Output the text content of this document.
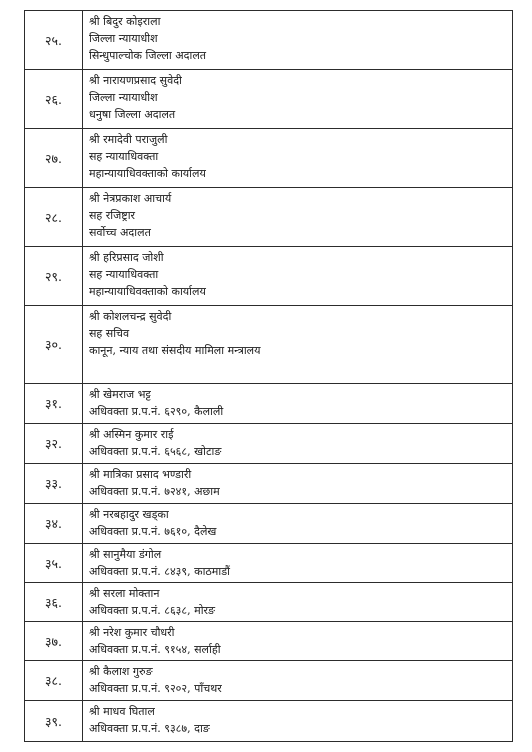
२५.
श्री बिदुर कोइराला
जिल्ला न्यायाधीश
सिन्धुपाल्चोक जिल्ला अदालत
२६.
श्री नारायणप्रसाद सुवेदी
जिल्ला न्यायाधीश
धनुषा जिल्ला अदालत
२७.
श्री रमादेवी पराजुली
सह न्यायाधिवक्ता
महान्यायाधिवक्ताको कार्यालय
२८.
श्री नेत्रप्रकाश आचार्य
सह रजिष्ट्रार
सर्वोच्च अदालत
२९.
श्री हरिप्रसाद जोशी
सह न्यायाधिवक्ता
महान्यायाधिवक्ताको कार्यालय
३०.
श्री कोशलचन्द्र सुवेदी
सह सचिव
कानून, न्याय तथा संसदीय मामिला मन्त्रालय
३१.
श्री खेमराज भट्ट
अधिवक्ता प्र.प.नं. ६२९०, कैलाली
३२.
श्री अस्मिन कुमार राई
अधिवक्ता प्र.प.नं. ६५६८, खोटाङ
३३.
श्री मात्रिका प्रसाद भण्डारी
अधिवक्ता प्र.प.नं. ७२४१, अछाम
३४.
श्री नरबहादुर खड्का
अधिवक्ता प्र.प.नं. ७६१०, दैलेख
३५.
श्री सानुमैया डंगोल
अधिवक्ता प्र.प.नं. ८४३९, काठमाडौं
३६.
श्री सरला मोक्तान
अधिवक्ता प्र.प.नं. ८६३८, मोरङ
३७.
श्री नरेश कुमार चौधरी
अधिवक्ता प्र.प.नं. ९१५४, सर्लाही
३८.
श्री कैलाश गुरुङ
अधिवक्ता प्र.प.नं. ९२०२, पाँचथर
३९.
श्री माधव घिताल
अधिवक्ता प्र.प.नं. ९३८७, दाङ
